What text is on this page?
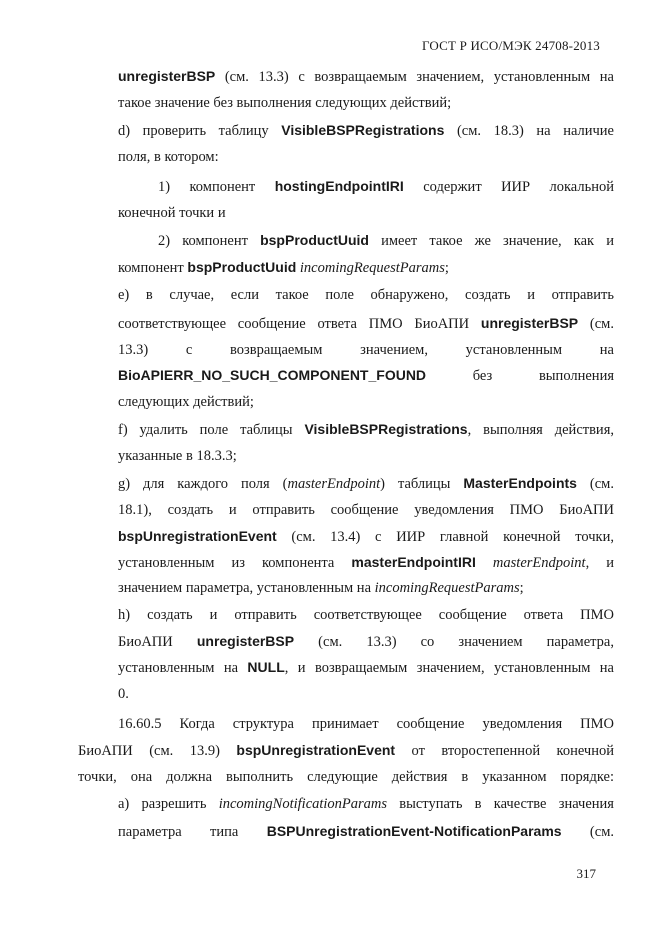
ГОСТ Р ИСО/МЭК 24708-2013
unregisterBSP (см. 13.3) с возвращаемым значением, установленным на
такое значение без выполнения следующих действий;
d) проверить таблицу VisibleBSPRegistrations (см. 18.3) на наличие
поля, в котором:
1) компонент hostingEndpointIRI содержит ИИР локальной
конечной точки и
2) компонент bspProductUuid имеет такое же значение, как и
компонент bspProductUuid incomingRequestParams;
e) в случае, если такое поле обнаружено, создать и отправить
соответствующее сообщение ответа ПМО БиоАПИ unregisterBSP (см.
13.3) с возвращаемым значением, установленным на
BioAPIERR_NO_SUCH_COMPONENT_FOUND без выполнения
следующих действий;
f) удалить поле таблицы VisibleBSPRegistrations, выполняя действия,
указанные в 18.3.3;
g) для каждого поля (masterEndpoint) таблицы MasterEndpoints (см.
18.1), создать и отправить сообщение уведомления ПМО БиоАПИ
bspUnregistrationEvent (см. 13.4) с ИИР главной конечной точки,
установленным из компонента masterEndpointIRI masterEndpoint, и
значением параметра, установленным на incomingRequestParams;
h) создать и отправить соответствующее сообщение ответа ПМО
БиоАПИ unregisterBSP (см. 13.3) со значением параметра,
установленным на NULL, и возвращаемым значением, установленным на
0.
16.60.5 Когда структура принимает сообщение уведомления ПМО
БиоАПИ (см. 13.9) bspUnregistrationEvent от второстепенной конечной
точки, она должна выполнить следующие действия в указанном порядке:
a) разрешить incomingNotificationParams выступать в качестве значения
параметра типа BSPUnregistrationEvent-NotificationParams (см.
317
